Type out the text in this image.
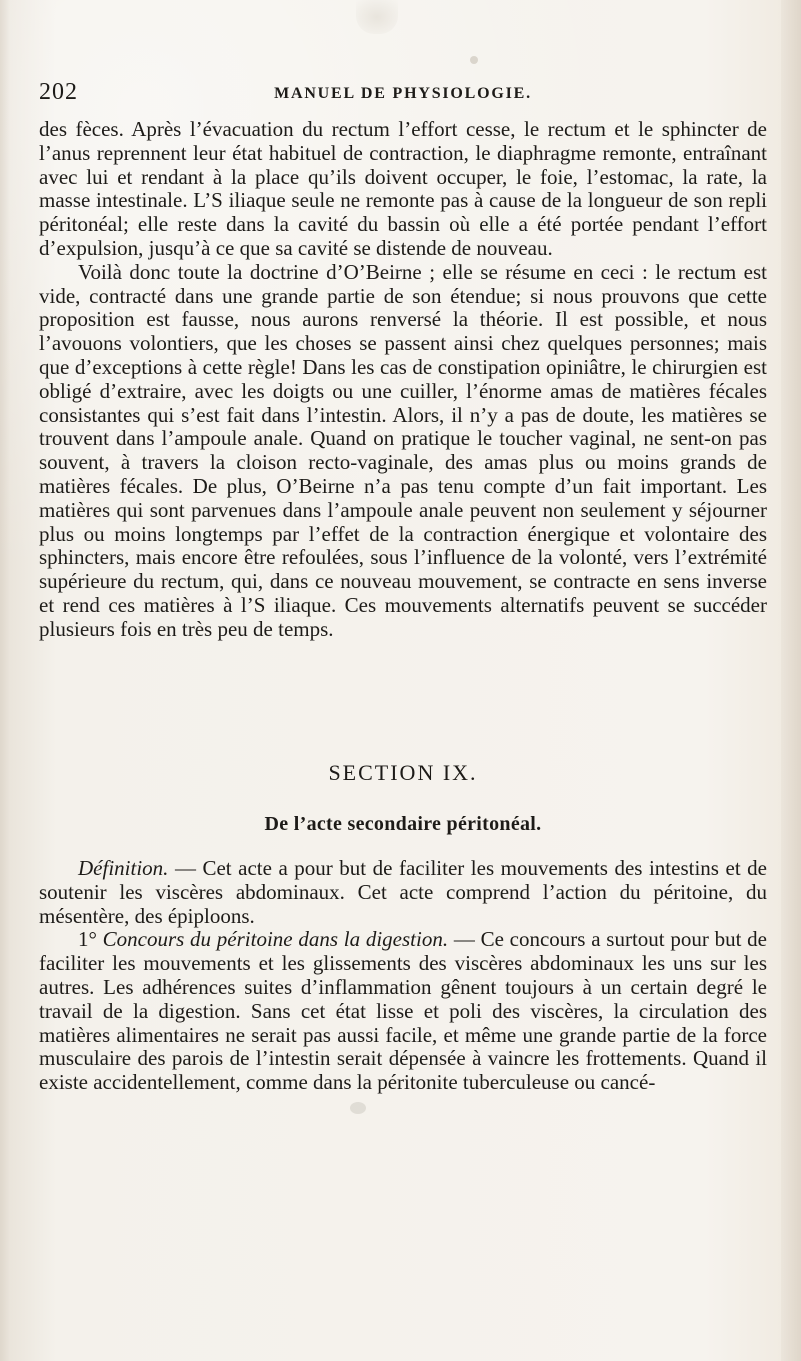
202	MANUEL DE PHYSIOLOGIE.

des fèces. Après l’évacuation du rectum l’effort cesse, le rectum et le sphincter de l’anus reprennent leur état habituel de contraction, le diaphragme remonte, entraînant avec lui et rendant à la place qu’ils doivent occuper, le foie, l’estomac, la rate, la masse intestinale. L’S iliaque seule ne remonte pas à cause de la longueur de son repli péritonéal; elle reste dans la cavité du bassin où elle a été portée pendant l’effort d’expulsion, jusqu’à ce que sa cavité se distende de nouveau.

Voilà donc toute la doctrine d’O’Beirne ; elle se résume en ceci : le rectum est vide, contracté dans une grande partie de son étendue; si nous prouvons que cette proposition est fausse, nous aurons renversé la théorie. Il est possible, et nous l’avouons volontiers, que les choses se passent ainsi chez quelques personnes; mais que d’exceptions à cette règle! Dans les cas de constipation opiniâtre, le chirurgien est obligé d’extraire, avec les doigts ou une cuiller, l’énorme amas de matières fécales consistantes qui s’est fait dans l’intestin. Alors, il n’y a pas de doute, les matières se trouvent dans l’ampoule anale. Quand on pratique le toucher vaginal, ne sent-on pas souvent, à travers la cloison recto-vaginale, des amas plus ou moins grands de matières fécales. De plus, O’Beirne n’a pas tenu compte d’un fait important. Les matières qui sont parvenues dans l’ampoule anale peuvent non seulement y séjourner plus ou moins longtemps par l’effet de la contraction énergique et volontaire des sphincters, mais encore être refoulées, sous l’influence de la volonté, vers l’extrémité supérieure du rectum, qui, dans ce nouveau mouvement, se contracte en sens inverse et rend ces matières à l’S iliaque. Ces mouvements alternatifs peuvent se succéder plusieurs fois en très peu de temps.

SECTION IX.
De l’acte secondaire péritonéal.

Définition. — Cet acte a pour but de faciliter les mouvements des intestins et de soutenir les viscères abdominaux. Cet acte comprend l’action du péritoine, du mésentère, des épiploons.

1° Concours du péritoine dans la digestion. — Ce concours a surtout pour but de faciliter les mouvements et les glissements des viscères abdominaux les uns sur les autres. Les adhérences suites d’inflammation gênent toujours à un certain degré le travail de la digestion. Sans cet état lisse et poli des viscères, la circulation des matières alimentaires ne serait pas aussi facile, et même une grande partie de la force musculaire des parois de l’intestin serait dépensée à vaincre les frottements. Quand il existe accidentellement, comme dans la péritonite tuberculeuse ou cancé-
